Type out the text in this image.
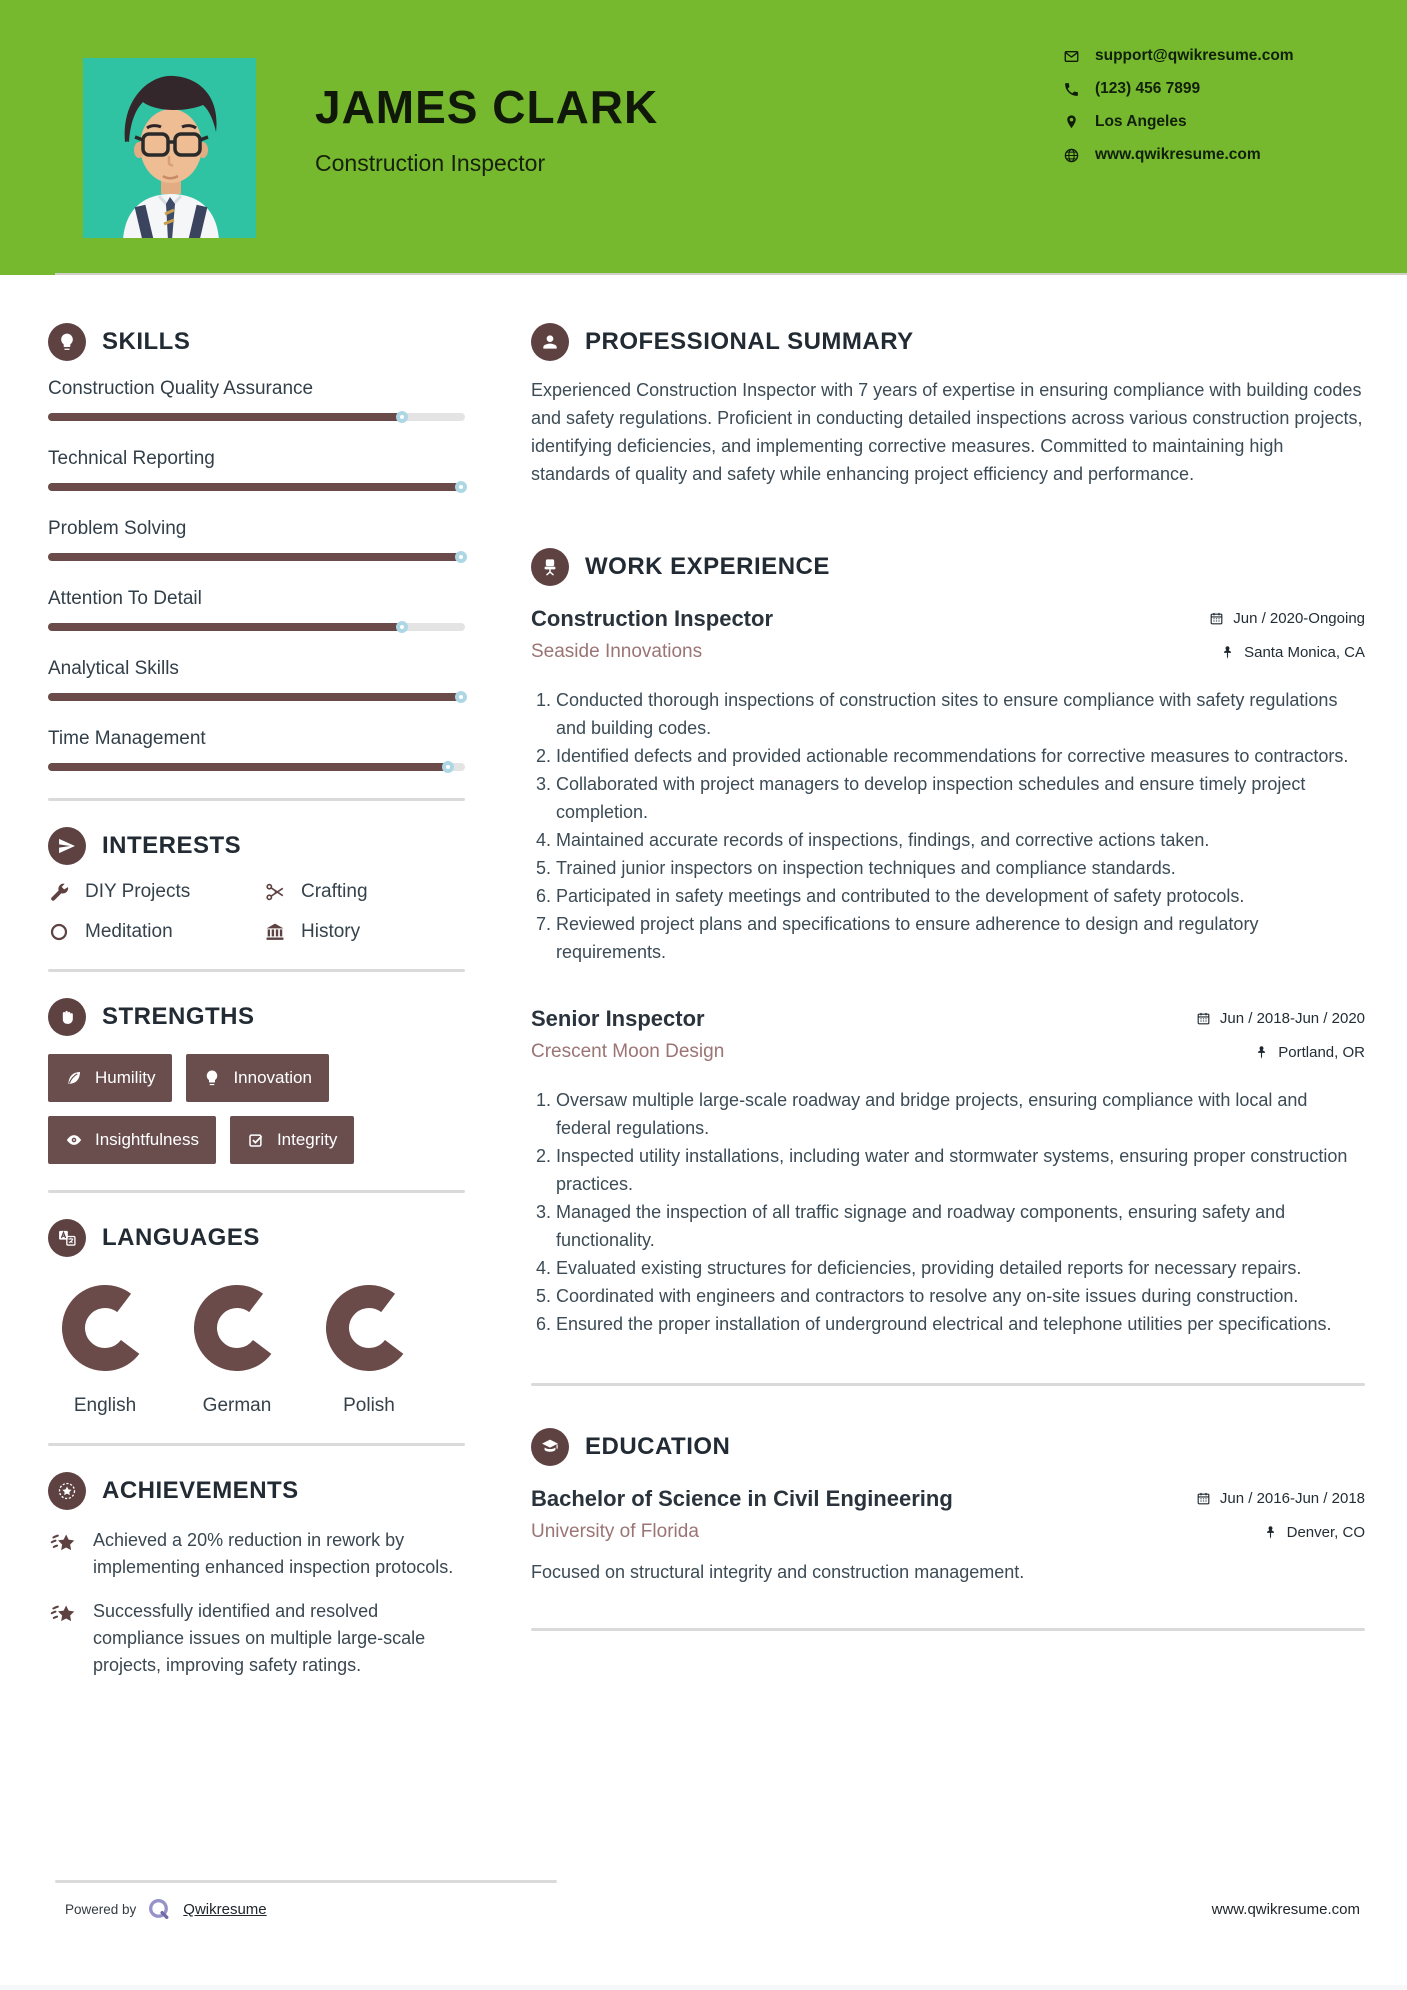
JAMES CLARK
Construction Inspector
support@qwikresume.com
(123) 456 7899
Los Angeles
www.qwikresume.com
SKILLS
Construction Quality Assurance
Technical Reporting
Problem Solving
Attention To Detail
Analytical Skills
Time Management
INTERESTS
DIY Projects	Crafting
Meditation	History
STRENGTHS
Humility	Innovation
Insightfulness	Integrity
LANGUAGES
English	German	Polish
ACHIEVEMENTS
Achieved a 20% reduction in rework by implementing enhanced inspection protocols.
Successfully identified and resolved compliance issues on multiple large-scale projects, improving safety ratings.
PROFESSIONAL SUMMARY

Experienced Construction Inspector with 7 years of expertise in ensuring compliance with building codes and safety regulations. Proficient in conducting detailed inspections across various construction projects, identifying deficiencies, and implementing corrective measures. Committed to maintaining high standards of quality and safety while enhancing project efficiency and performance.

WORK EXPERIENCE
Construction Inspector	Jun / 2020-Ongoing
Seaside Innovations	Santa Monica, CA
1. Conducted thorough inspections of construction sites to ensure compliance with safety regulations and building codes.
2. Identified defects and provided actionable recommendations for corrective measures to contractors.
3. Collaborated with project managers to develop inspection schedules and ensure timely project completion.
4. Maintained accurate records of inspections, findings, and corrective actions taken.
5. Trained junior inspectors on inspection techniques and compliance standards.
6. Participated in safety meetings and contributed to the development of safety protocols.
7. Reviewed project plans and specifications to ensure adherence to design and regulatory requirements.
Senior Inspector	Jun / 2018-Jun / 2020
Crescent Moon Design	Portland, OR
1. Oversaw multiple large-scale roadway and bridge projects, ensuring compliance with local and federal regulations.
2. Inspected utility installations, including water and stormwater systems, ensuring proper construction practices.
3. Managed the inspection of all traffic signage and roadway components, ensuring safety and functionality.
4. Evaluated existing structures for deficiencies, providing detailed reports for necessary repairs.
5. Coordinated with engineers and contractors to resolve any on-site issues during construction.
6. Ensured the proper installation of underground electrical and telephone utilities per specifications.
EDUCATION
Bachelor of Science in Civil Engineering	Jun / 2016-Jun / 2018
University of Florida	Denver, CO
Focused on structural integrity and construction management.
Powered by	Qwikresume	www.qwikresume.com
